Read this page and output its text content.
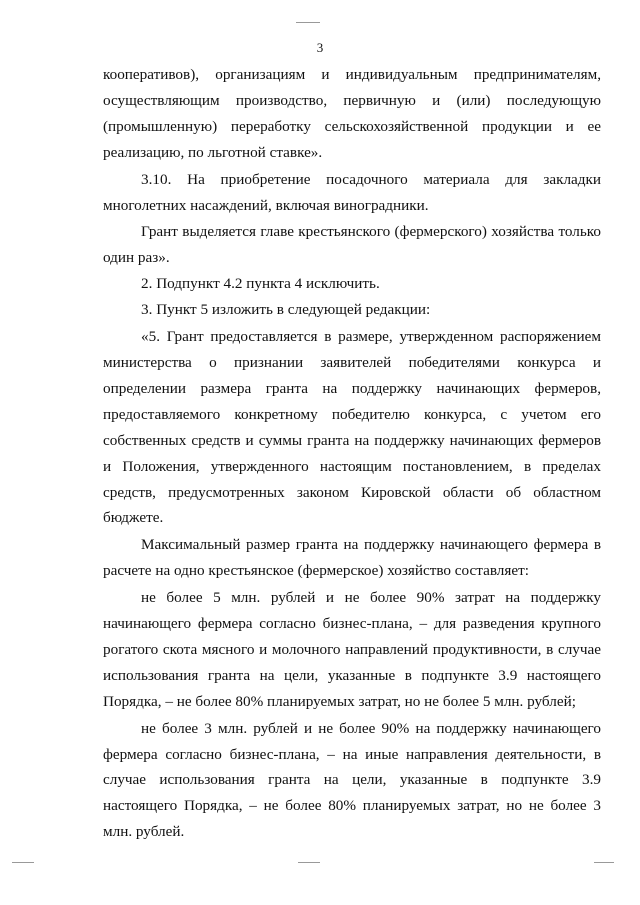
3

кооперативов), организациям и индивидуальным предпринимателям, осуществляющим производство, первичную и (или) последующую (промышленную) переработку сельскохозяйственной продукции и ее реализацию, по льготной ставке».

3.10. На приобретение посадочного материала для закладки многолетних насаждений, включая виноградники.

Грант выделяется главе крестьянского (фермерского) хозяйства только один раз».

2. Подпункт 4.2 пункта 4 исключить.

3. Пункт 5 изложить в следующей редакции:

«5. Грант предоставляется в размере, утвержденном распоряжением министерства о признании заявителей победителями конкурса и определении размера гранта на поддержку начинающих фермеров, предоставляемого конкретному победителю конкурса, с учетом его собственных средств и суммы гранта на поддержку начинающих фермеров и Положения, утвержденного настоящим постановлением, в пределах средств, предусмотренных законом Кировской области об областном бюджете.

Максимальный размер гранта на поддержку начинающего фермера в расчете на одно крестьянское (фермерское) хозяйство составляет:

не более 5 млн. рублей и не более 90% затрат на поддержку начинающего фермера согласно бизнес-плана, – для разведения крупного рогатого скота мясного и молочного направлений продуктивности, в случае использования гранта на цели, указанные в подпункте 3.9 настоящего Порядка, – не более 80% планируемых затрат, но не более 5 млн. рублей;

не более 3 млн. рублей и не более 90% на поддержку начинающего фермера согласно бизнес-плана, – на иные направления деятельности, в случае использования гранта на цели, указанные в подпункте 3.9 настоящего Порядка, – не более 80% планируемых затрат, но не более 3 млн. рублей.
